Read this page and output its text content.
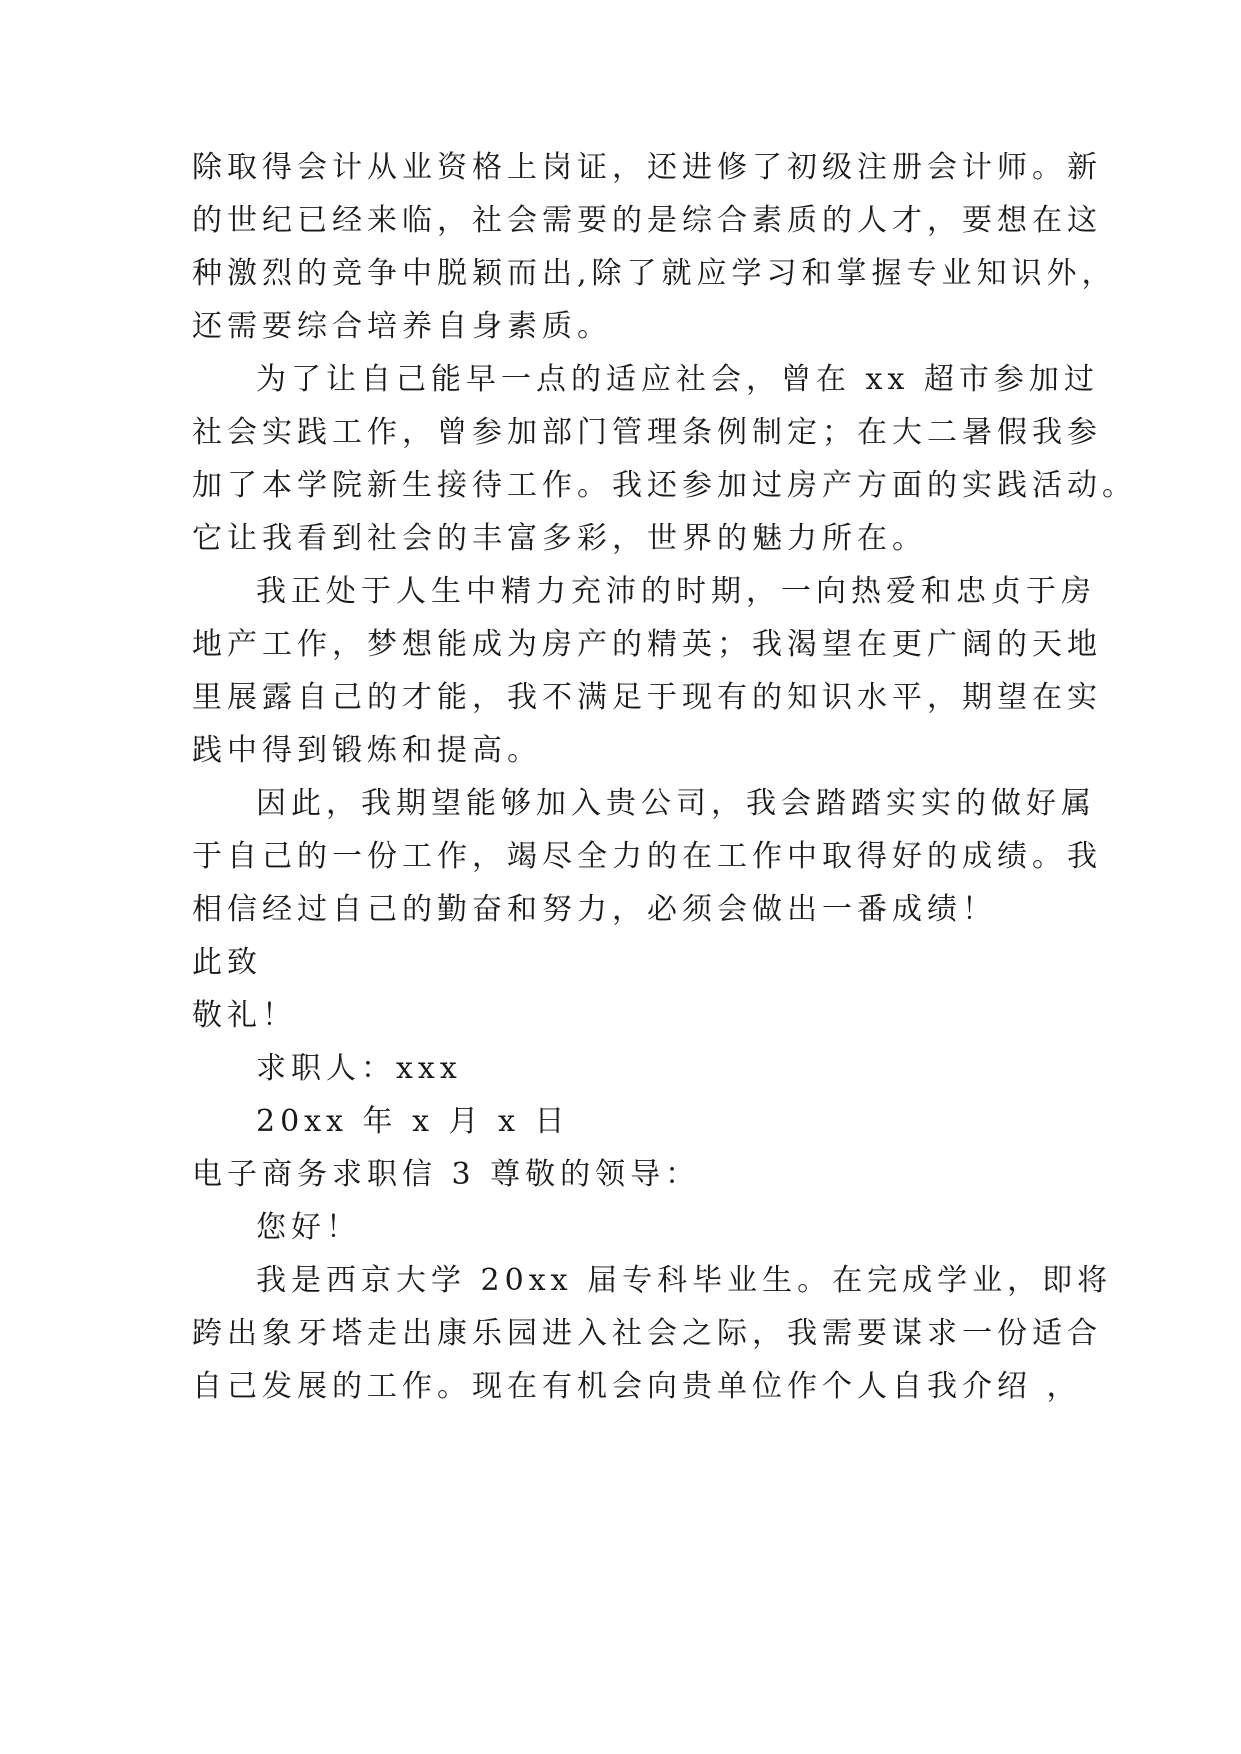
除取得会计从业资格上岗证，还进修了初级注册会计师。新
的世纪已经来临，社会需要的是综合素质的人才，要想在这
种激烈的竞争中脱颖而出,除了就应学习和掌握专业知识外，
还需要综合培养自身素质。
为了让自己能早一点的适应社会，曾在 xx 超市参加过
社会实践工作，曾参加部门管理条例制定；在大二暑假我参
加了本学院新生接待工作。我还参加过房产方面的实践活动。
它让我看到社会的丰富多彩，世界的魅力所在。
我正处于人生中精力充沛的时期，一向热爱和忠贞于房
地产工作，梦想能成为房产的精英；我渴望在更广阔的天地
里展露自己的才能，我不满足于现有的知识水平，期望在实
践中得到锻炼和提高。
因此，我期望能够加入贵公司，我会踏踏实实的做好属
于自己的一份工作，竭尽全力的在工作中取得好的成绩。我
相信经过自己的勤奋和努力，必须会做出一番成绩！
此致
敬礼！
求职人：xxx
20xx 年 x 月 x 日
电子商务求职信 3 尊敬的领导：
您好！
我是西京大学 20xx 届专科毕业生。在完成学业，即将
跨出象牙塔走出康乐园进入社会之际，我需要谋求一份适合
自己发展的工作。现在有机会向贵单位作个人自我介绍 ，
